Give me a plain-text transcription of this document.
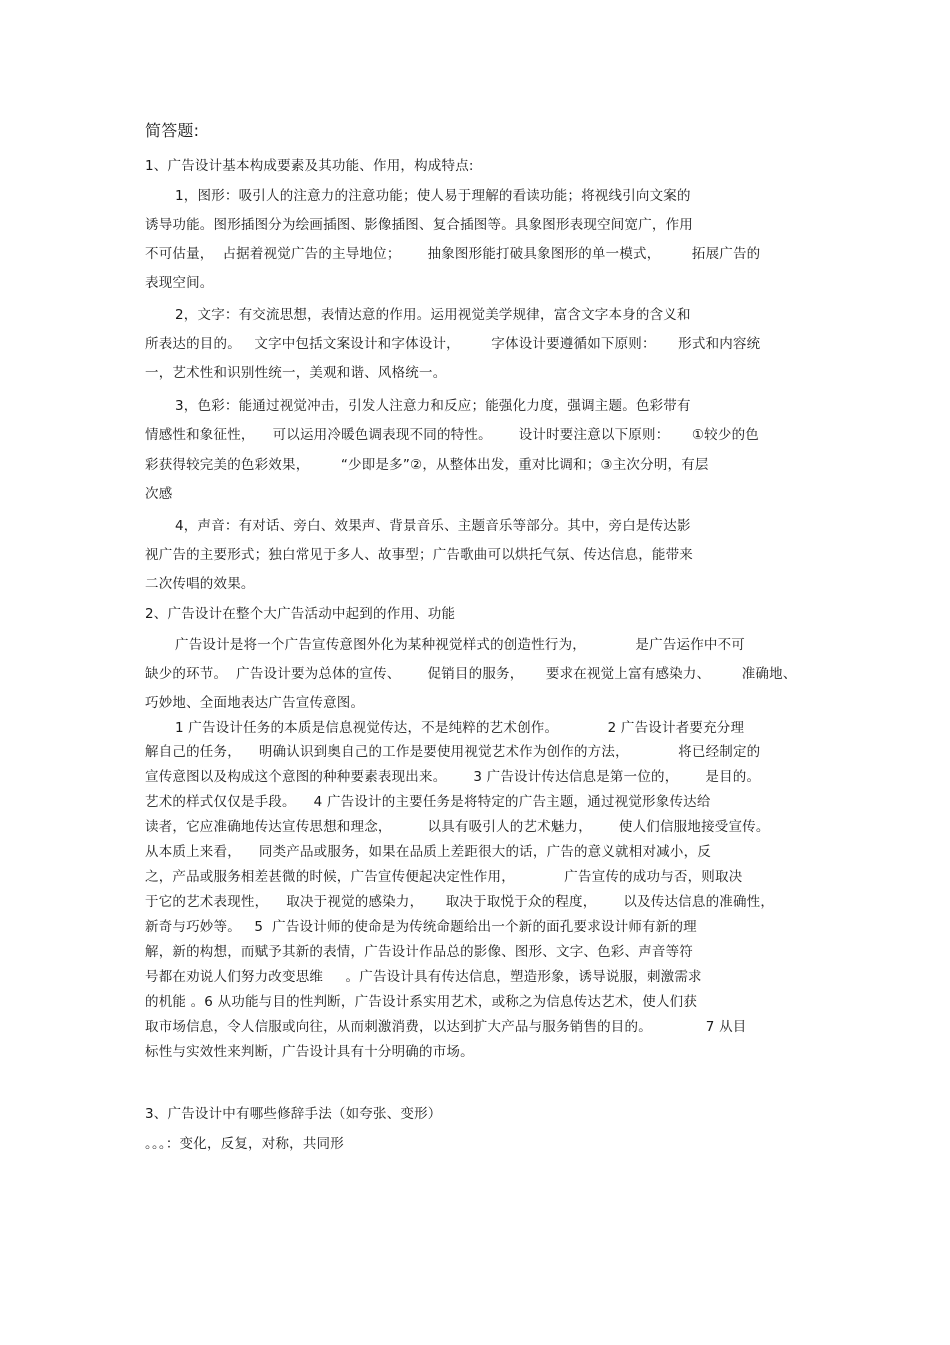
简答题:
1、广告设计基本构成要素及其功能、作用，构成特点:
1，图形：吸引人的注意力的注意功能；使人易于理解的看读功能；将视线引向文案的
诱导功能。图形插图分为绘画插图、影像插图、复合插图等。具象图形表现空间宽广，作用
不可估量，  占据着视觉广告的主导地位；      抽象图形能打破具象图形的单一模式，       拓展广告的
表现空间。
2，文字：有交流思想，表情达意的作用。运用视觉美学规律，富含文字本身的含义和
所表达的目的。   文字中包括文案设计和字体设计，       字体设计要遵循如下原则：     形式和内容统
一，艺术性和识别性统一，美观和谐、风格统一。
3，色彩：能通过视觉冲击，引发人注意力和反应；能强化力度，强调主题。色彩带有
情感性和象征性，    可以运用冷暖色调表现不同的特性。      设计时要注意以下原则：     ①较少的色
彩获得较完美的色彩效果，       “少即是多”②，从整体出发，重对比调和；③主次分明，有层
次感
4，声音：有对话、旁白、效果声、背景音乐、主题音乐等部分。其中，旁白是传达影
视广告的主要形式；独白常见于多人、故事型；广告歌曲可以烘托气氛、传达信息，能带来
二次传唱的效果。
2、广告设计在整个大广告活动中起到的作用、功能
广告设计是将一个广告宣传意图外化为某种视觉样式的创造性行为，           是广告运作中不可
缺少的环节。  广告设计要为总体的宣传、      促销目的服务，     要求在视觉上富有感染力、       准确地、
巧妙地、全面地表达广告宣传意图。
1 广告设计任务的本质是信息视觉传达，不是纯粹的艺术创作。           2 广告设计者要充分理
解自己的任务，    明确认识到奥自己的工作是要使用视觉艺术作为创作的方法，           将已经制定的
宣传意图以及构成这个意图的种种要素表现出来。      3 广告设计传达信息是第一位的，      是目的。
艺术的样式仅仅是手段。    4 广告设计的主要任务是将特定的广告主题，通过视觉形象传达给
读者，它应准确地传达宣传思想和理念，        以具有吸引人的艺术魅力，      使人们信服地接受宣传。
从本质上来看，    同类产品或服务，如果在品质上差距很大的话，广告的意义就相对减小，反
之，产品或服务相差甚微的时候，广告宣传便起决定性作用，           广告宣传的成功与否，则取决
于它的艺术表现性，    取决于视觉的感染力，     取决于取悦于众的程度，      以及传达信息的准确性，
新奇与巧妙等。   5  广告设计师的使命是为传统命题给出一个新的面孔要求设计师有新的理
解，新的构想，而赋予其新的表情，广告设计作品总的影像、图形、文字、色彩、声音等符
号都在劝说人们努力改变思维     。广告设计具有传达信息，塑造形象，诱导说服，刺激需求
的机能 。6 从功能与目的性判断，广告设计系实用艺术，或称之为信息传达艺术，使人们获
取市场信息，令人信服或向往，从而刺激消费，以达到扩大产品与服务销售的目的。            7 从目
标性与实效性来判断，广告设计具有十分明确的市场。
3、广告设计中有哪些修辞手法（如夸张、变形）
。。。：变化，反复，对称，共同形
